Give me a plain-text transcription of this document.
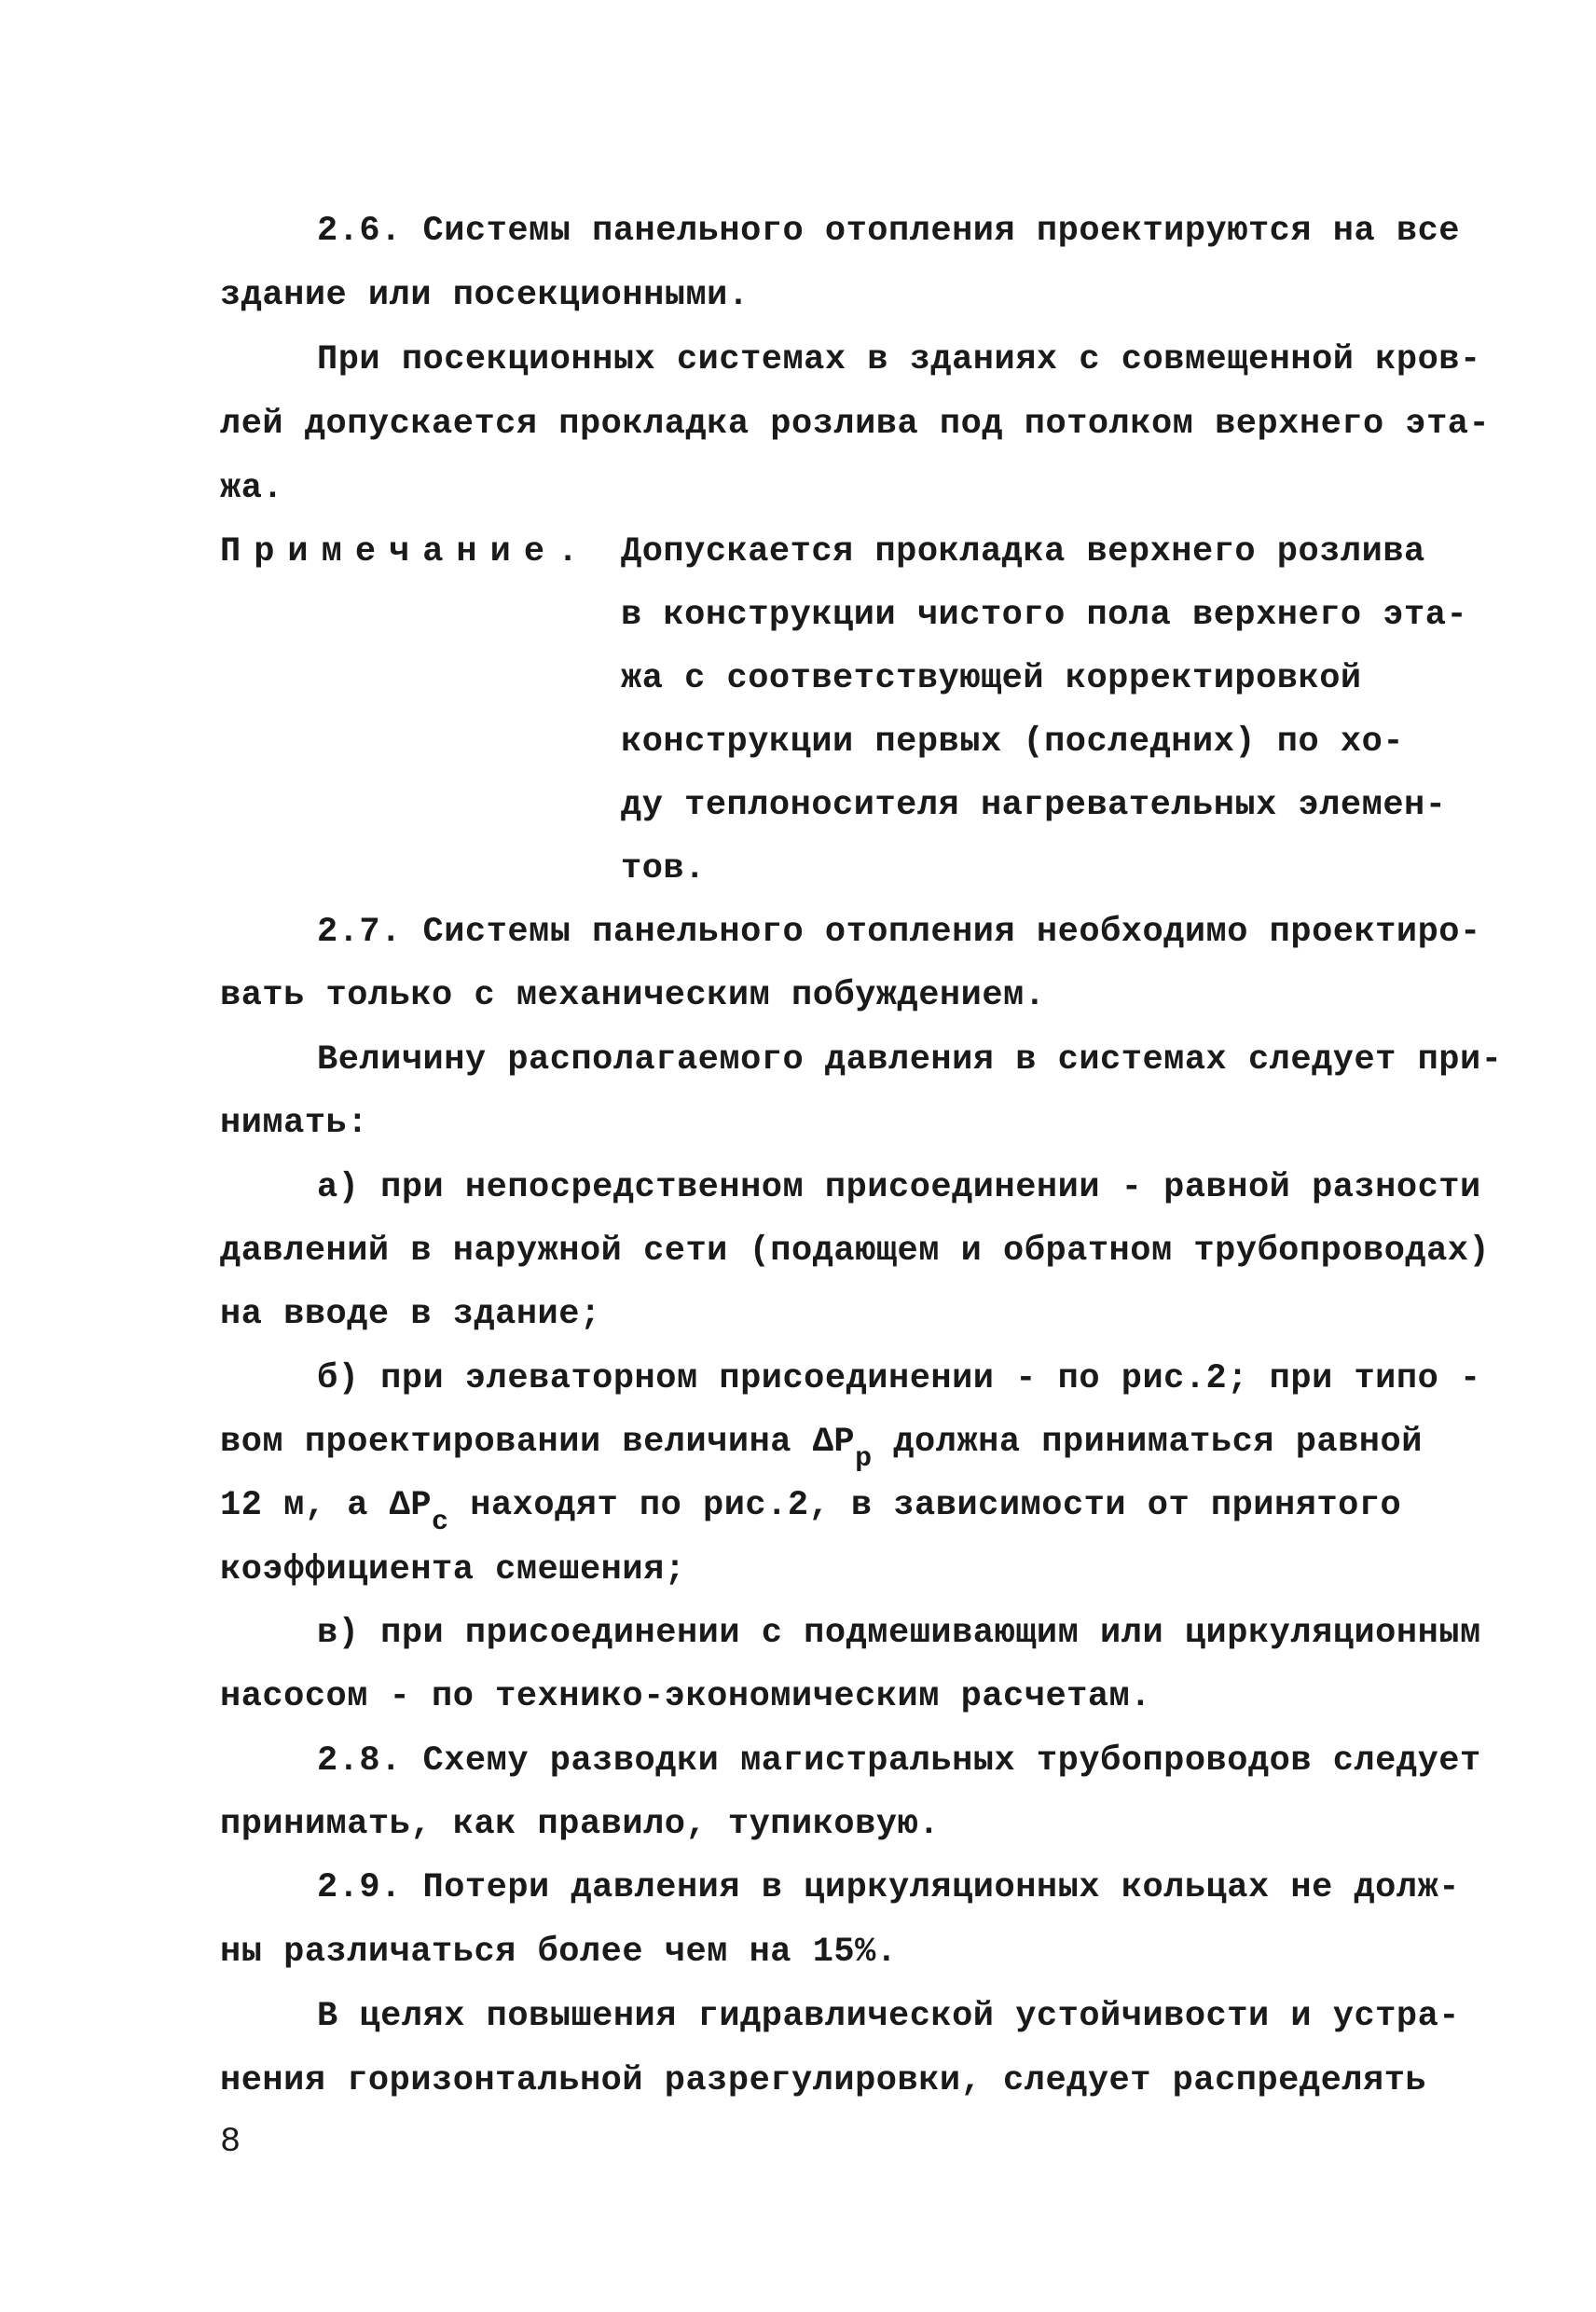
2.6. Системы панельного отопления проектируются на все
здание или посекционными.
При посекционных системах в зданиях с совмещенной кров-
лей допускается прокладка розлива под потолком верхнего эта-
жа.
Примечание. Допускается прокладка верхнего розлива
в конструкции чистого пола верхнего эта-
жа с соответствующей корректировкой
конструкции первых (последних) по хо-
ду теплоносителя нагревательных элемен-
тов.
2.7. Системы панельного отопления необходимо проектиро-
вать только с механическим побуждением.
Величину располагаемого давления в системах следует при-
нимать:
а) при непосредственном присоединении - равной разности
давлений в наружной сети (подающем и обратном трубопроводах)
на вводе в здание;
б) при элеваторном присоединении - по рис.2; при типо -
вом проектировании величина $\Delta Р_р$ должна приниматься равной
12 м, а $\Delta Р_с$ находят по рис.2, в зависимости от принятого
коэффициента смешения;
в) при присоединении с подмешивающим или циркуляционным
насосом - по технико-экономическим расчетам.
2.8. Схему разводки магистральных трубопроводов следует
принимать, как правило, тупиковую.
2.9. Потери давления в циркуляционных кольцах не долж-
ны различаться более чем на 15%.
В целях повышения гидравлической устойчивости и устра-
нения горизонтальной разрегулировки, следует распределять
8
